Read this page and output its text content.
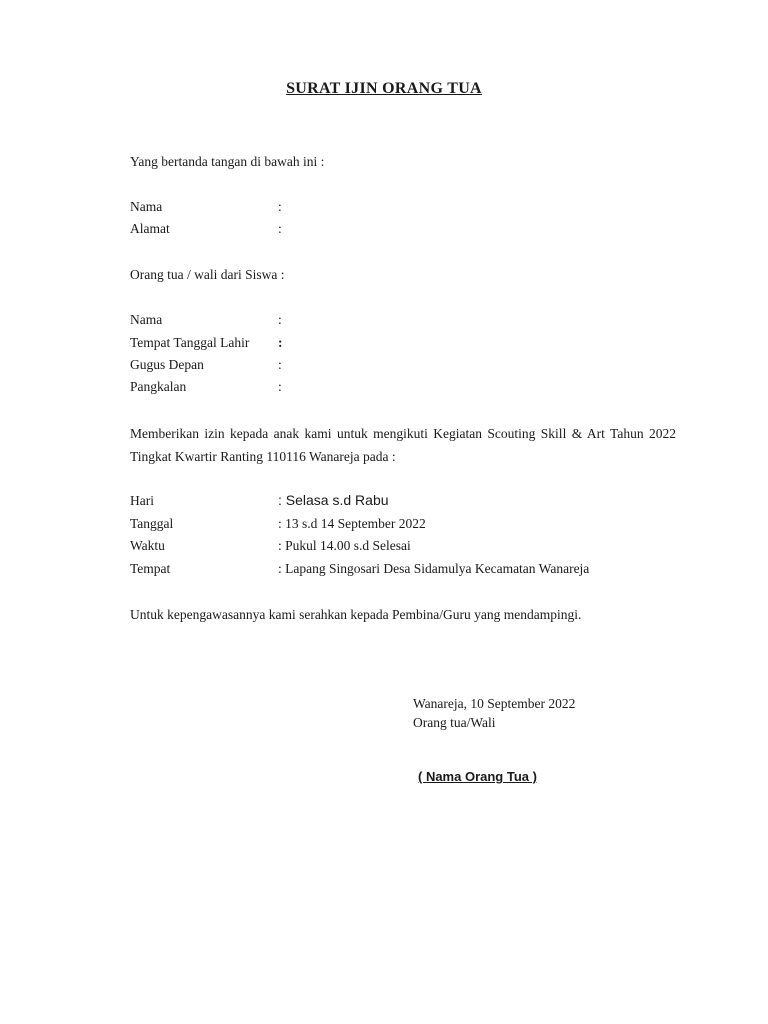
SURAT IJIN ORANG TUA
Yang bertanda tangan di bawah ini :
Nama	:
Alamat	:
Orang tua / wali dari Siswa :
Nama	:
Tempat Tanggal Lahir :
Gugus Depan	:
Pangkalan	:
Memberikan izin kepada anak kami untuk mengikuti Kegiatan Scouting Skill & Art Tahun 2022 Tingkat Kwartir Ranting 110116 Wanareja pada :
Hari	: Selasa s.d Rabu
Tanggal	: 13 s.d 14 September 2022
Waktu	: Pukul 14.00 s.d Selesai
Tempat	: Lapang Singosari Desa Sidamulya Kecamatan Wanareja
Untuk kepengawasannya kami serahkan kepada Pembina/Guru yang mendampingi.
Wanareja, 10 September 2022
Orang tua/Wali
( Nama Orang Tua )
